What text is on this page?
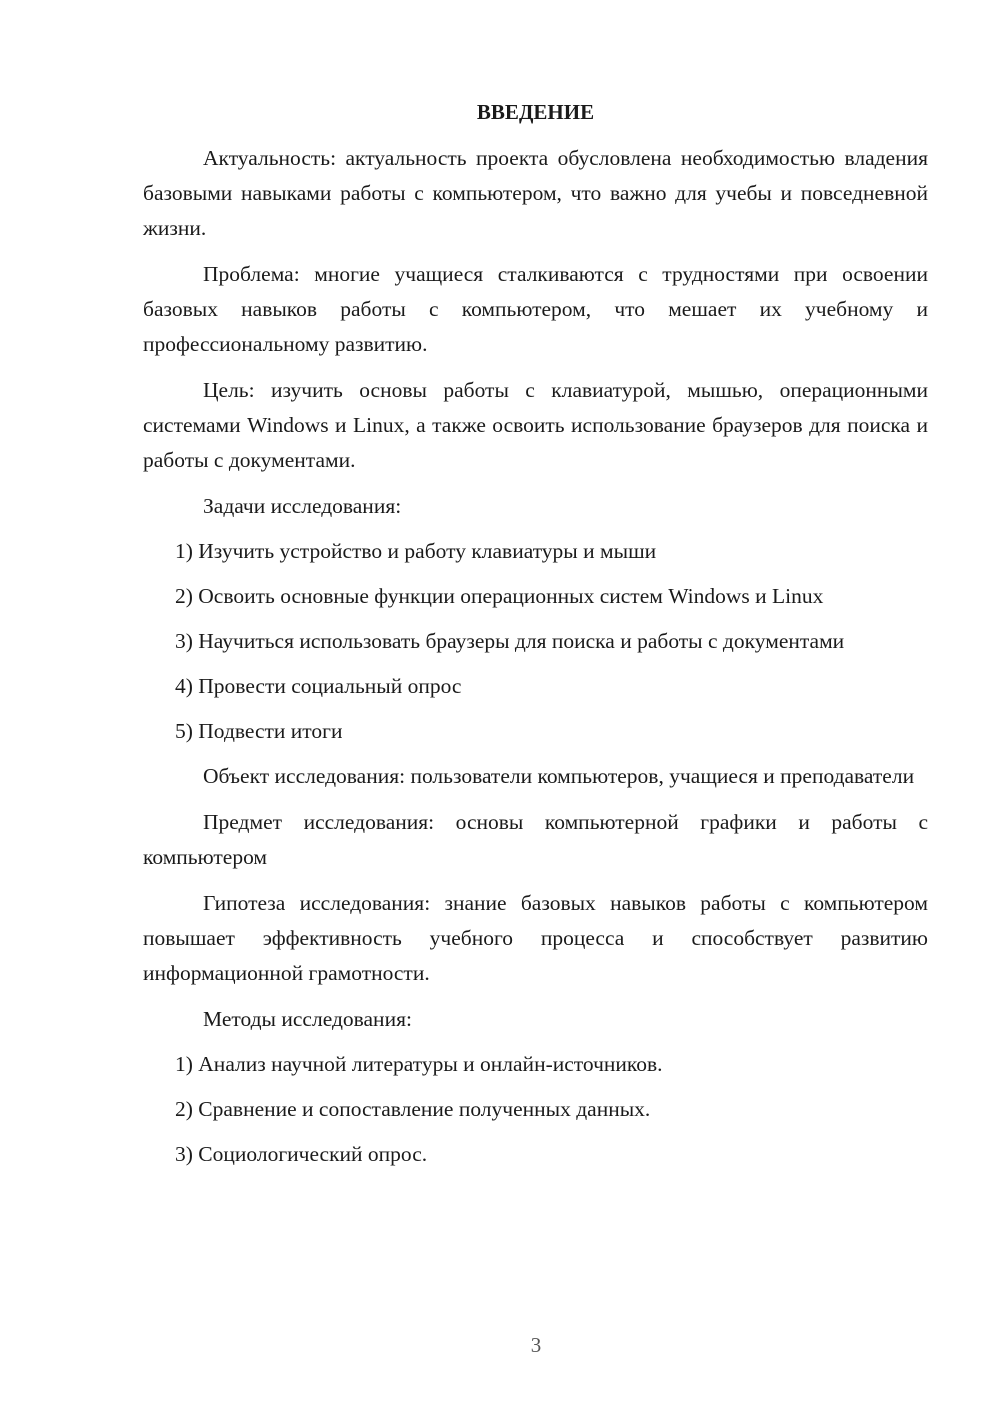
ВВЕДЕНИЕ

Актуальность: актуальность проекта обусловлена необходимостью владения базовыми навыками работы с компьютером, что важно для учебы и повседневной жизни.

Проблема: многие учащиеся сталкиваются с трудностями при освоении базовых навыков работы с компьютером, что мешает их учебному и профессиональному развитию.

Цель: изучить основы работы с клавиатурой, мышью, операционными системами Windows и Linux, а также освоить использование браузеров для поиска и работы с документами.

Задачи исследования:

1) Изучить устройство и работу клавиатуры и мыши

2) Освоить основные функции операционных систем Windows и Linux

3) Научиться использовать браузеры для поиска и работы с документами

4) Провести социальный опрос

5) Подвести итоги

Объект исследования: пользователи компьютеров, учащиеся и преподаватели

Предмет исследования: основы компьютерной графики и работы с компьютером

Гипотеза исследования: знание базовых навыков работы с компьютером повышает эффективность учебного процесса и способствует развитию информационной грамотности.

Методы исследования:

1) Анализ научной литературы и онлайн-источников.

2) Сравнение и сопоставление полученных данных.

3) Социологический опрос.

3
